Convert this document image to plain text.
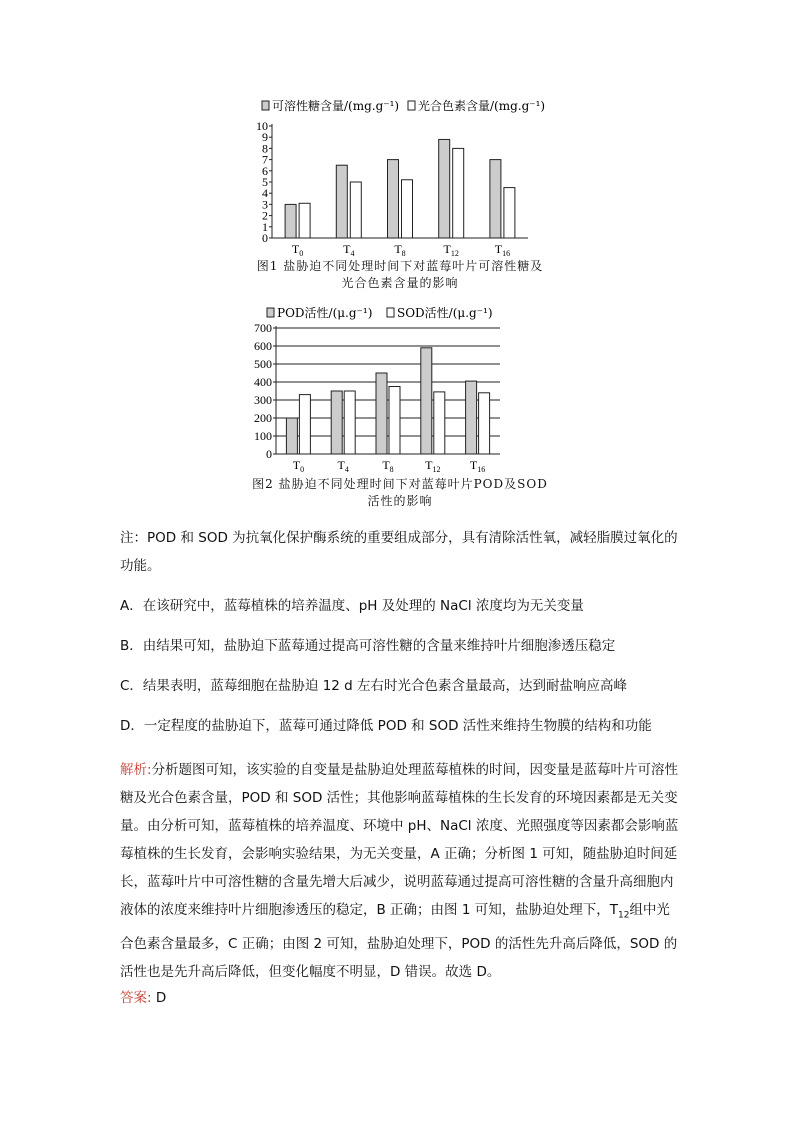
可溶性糖含量/(mg.g⁻¹) 光合色素含量/(mg.g⁻¹)
0
1
2
3
4
5
6
7
8
9
10
$T_0$	$T_4$	$T_8$	$T_{12}$	$T_{16}$
图1 盐胁迫不同处理时间下对蓝莓叶片可溶性糖及
光合色素含量的影响
POD活性/(μ.g⁻¹) SOD活性/(μ.g⁻¹)
0
100
200
300
400
500
600
700
$T_0$	$T_4$	$T_8$	$T_{12}$ $T_{16}$
图2 盐胁迫不同处理时间下对蓝莓叶片POD及SOD
活性的影响

注：POD 和 SOD 为抗氧化保护酶系统的重要组成部分，具有清除活性氧，减轻脂膜过氧化的功能。

A．在该研究中，蓝莓植株的培养温度、pH 及处理的 NaCl 浓度均为无关变量

B．由结果可知，盐胁迫下蓝莓通过提高可溶性糖的含量来维持叶片细胞渗透压稳定

C．结果表明，蓝莓细胞在盐胁迫 12 d 左右时光合色素含量最高，达到耐盐响应高峰

D．一定程度的盐胁迫下，蓝莓可通过降低 POD 和 SOD 活性来维持生物膜的结构和功能

解析:分析题图可知，该实验的自变量是盐胁迫处理蓝莓植株的时间，因变量是蓝莓叶片可溶性糖及光合色素含量，POD 和 SOD 活性；其他影响蓝莓植株的生长发育的环境因素都是无关变量。由分析可知，蓝莓植株的培养温度、环境中 pH、NaCl 浓度、光照强度等因素都会影响蓝莓植株的生长发育，会影响实验结果，为无关变量，A 正确；分析图 1 可知，随盐胁迫时间延长，蓝莓叶片中可溶性糖的含量先增大后减少，说明蓝莓通过提高可溶性糖的含量升高细胞内液体的浓度来维持叶片细胞渗透压的稳定，B 正确；由图 1 可知，盐胁迫处理下，$T_{12}$组中光合色素含量最多，C 正确；由图 2 可知，盐胁迫处理下，POD 的活性先升高后降低，SOD 的活性也是先升高后降低，但变化幅度不明显，D 错误。故选 D。

答案: D
